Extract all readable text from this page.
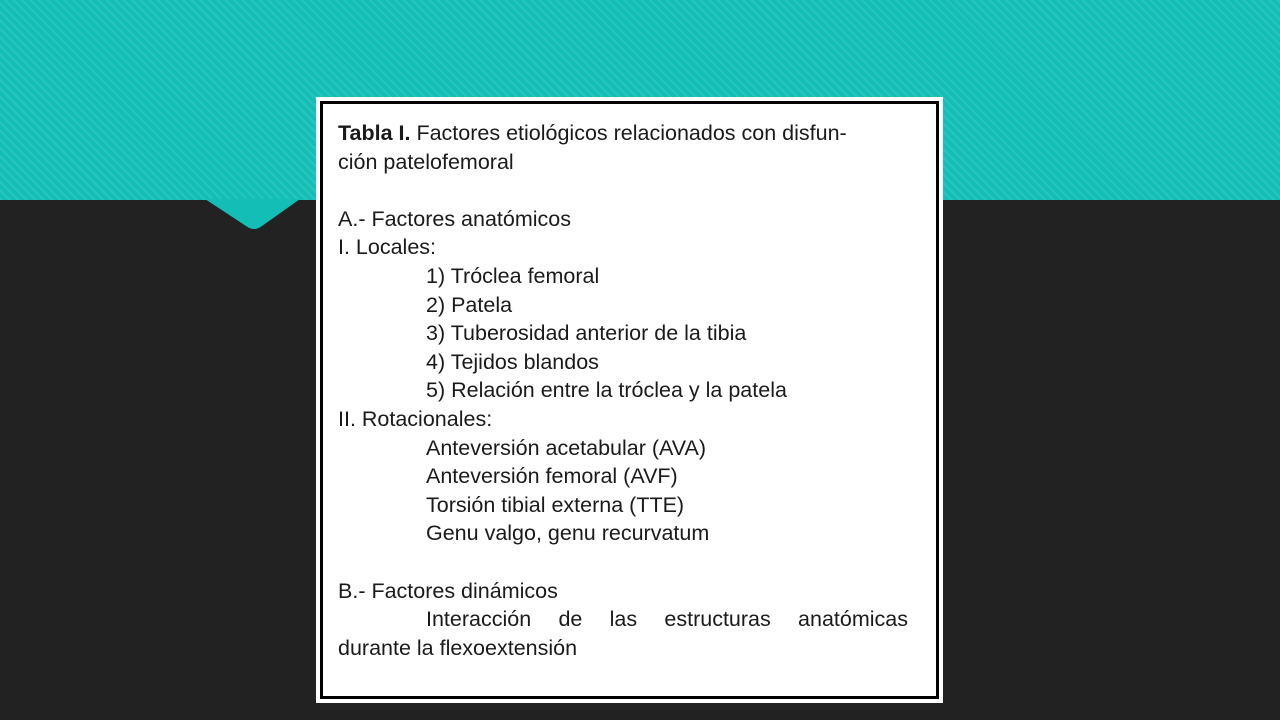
Tabla I. Factores etiológicos relacionados con disfun-
ción patelofemoral
A.- Factores anatómicos
I. Locales:
1) Tróclea femoral
2) Patela
3) Tuberosidad anterior de la tibia
4) Tejidos blandos
5) Relación entre la tróclea y la patela
II. Rotacionales:
Anteversión acetabular (AVA)
Anteversión femoral (AVF)
Torsión tibial externa (TTE)
Genu valgo, genu recurvatum
B.- Factores dinámicos
Interacción de las estructuras anatómicas
durante la flexoextensión
